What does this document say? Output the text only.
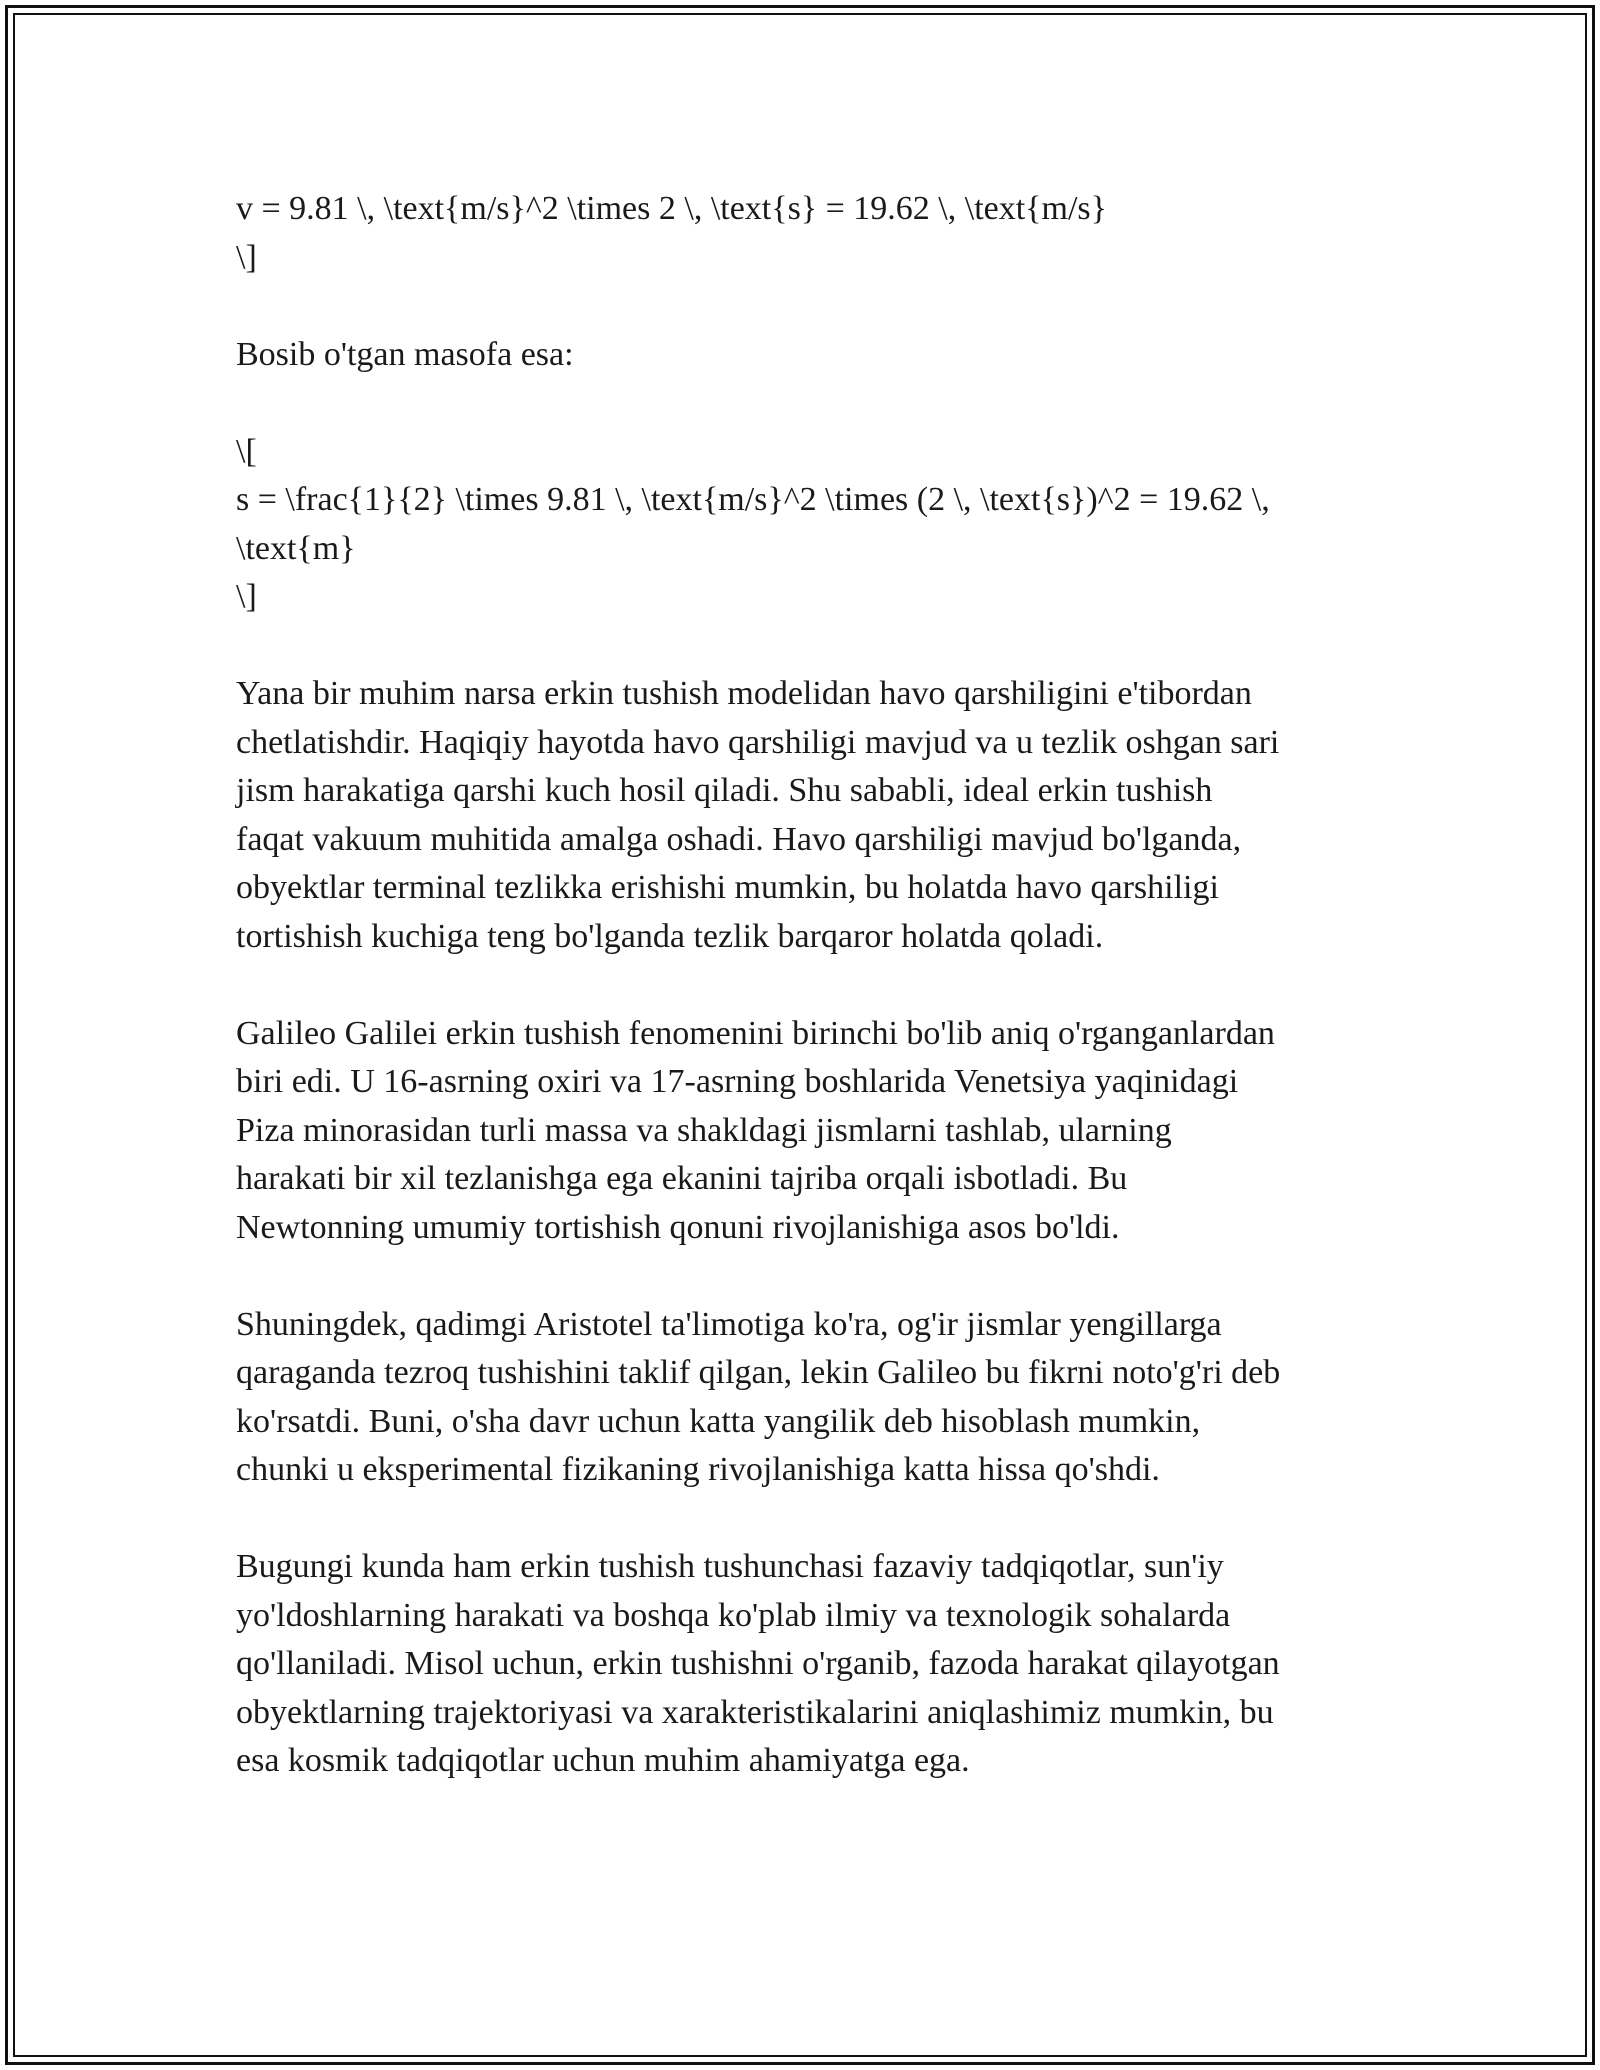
v = 9.81 \, \text{m/s}^2 \times 2 \, \text{s} = 19.62 \, \text{m/s}
\]
Bosib o'tgan masofa esa:
\[
s = \frac{1}{2} \times 9.81 \, \text{m/s}^2 \times (2 \, \text{s})^2 = 19.62 \,
\text{m}
\]
Yana bir muhim narsa erkin tushish modelidan havo qarshiligini e'tibordan
chetlatishdir. Haqiqiy hayotda havo qarshiligi mavjud va u tezlik oshgan sari
jism harakatiga qarshi kuch hosil qiladi. Shu sababli, ideal erkin tushish
faqat vakuum muhitida amalga oshadi. Havo qarshiligi mavjud bo'lganda,
obyektlar terminal tezlikka erishishi mumkin, bu holatda havo qarshiligi
tortishish kuchiga teng bo'lganda tezlik barqaror holatda qoladi.
Galileo Galilei erkin tushish fenomenini birinchi bo'lib aniq o'rganganlardan
biri edi. U 16-asrning oxiri va 17-asrning boshlarida Venetsiya yaqinidagi
Piza minorasidan turli massa va shakldagi jismlarni tashlab, ularning
harakati bir xil tezlanishga ega ekanini tajriba orqali isbotladi. Bu
Newtonning umumiy tortishish qonuni rivojlanishiga asos bo'ldi.
Shuningdek, qadimgi Aristotel ta'limotiga ko'ra, og'ir jismlar yengillarga
qaraganda tezroq tushishini taklif qilgan, lekin Galileo bu fikrni noto'g'ri deb
ko'rsatdi. Buni, o'sha davr uchun katta yangilik deb hisoblash mumkin,
chunki u eksperimental fizikaning rivojlanishiga katta hissa qo'shdi.
Bugungi kunda ham erkin tushish tushunchasi fazaviy tadqiqotlar, sun'iy
yo'ldoshlarning harakati va boshqa ko'plab ilmiy va texnologik sohalarda
qo'llaniladi. Misol uchun, erkin tushishni o'rganib, fazoda harakat qilayotgan
obyektlarning trajektoriyasi va xarakteristikalarini aniqlashimiz mumkin, bu
esa kosmik tadqiqotlar uchun muhim ahamiyatga ega.
